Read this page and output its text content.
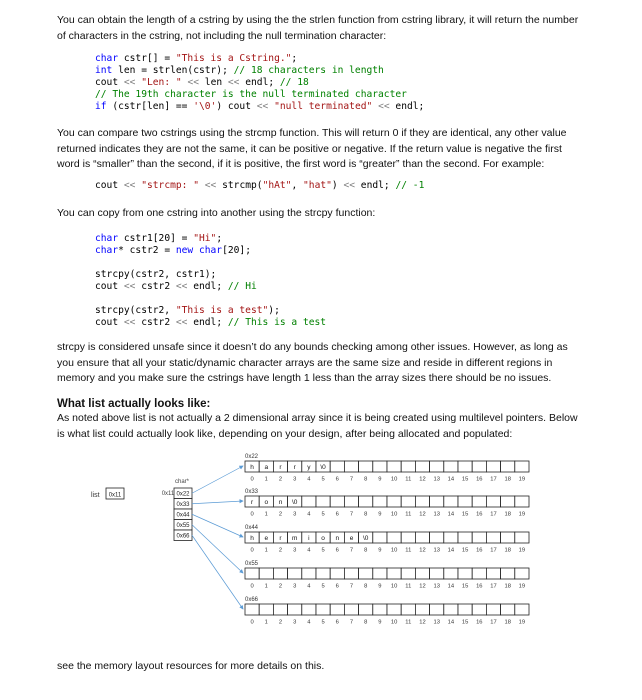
You can obtain the length of a cstring by using the the strlen function from cstring library, it will return the number of characters in the cstring, not including the null termination character:

char cstr[] = "This is a Cstring.";
int len = strlen(cstr); // 18 characters in length
cout << "Len: " << len << endl; // 18
// The 19th character is the null terminated character
if (cstr[len] == '\0') cout << "null terminated" << endl;

You can compare two cstrings using the strcmp function. This will return 0 if they are identical, any other value returned indicates they are not the same, it can be positive or negative. If the return value is negative the first word is “smaller” than the second, if it is positive, the first word is “greater” than the second. For example:

cout << "strcmp: " << strcmp("hAt", "hat") << endl; // -1

You can copy from one cstring into another using the strcpy function:

char cstr1[20] = "Hi";
char* cstr2 = new char[20];

strcpy(cstr2, cstr1);
cout << cstr2 << endl; // Hi

strcpy(cstr2, "This is a test");
cout << cstr2 << endl; // This is a test

strcpy is considered unsafe since it doesn’t do any bounds checking among other issues. However, as long as you ensure that all your static/dynamic character arrays are the same size and reside in different regions in memory and you make sure the cstrings have length 1 less than the array sizes there should be no issues.

What list actually looks like:

As noted above list is not actually a 2 dimensional array since it is being created using multilevel pointers. Below is what list could actually look like, depending on your design, after being allocated and populated:

list 0x11
char*
0x11 0x22
0x33
0x44
0x55
0x66
0x22
h
0
a
1
r
2
r
3
y
4
\0
5 6 7 8 9 10 11 12 13 14 15 16 17 18 19
0x33
r
0
o
1
n
2
\0
3 4 5 6 7 8 9 10 11 12 13 14 15 16 17 18 19
0x44
h
0
e
1
r
2
m
3
i
4
o
5
n
6
e
7
\0
8 9 10 11 12 13 14 15 16 17 18 19
0x55
0 1 2 3 4 5 6 7 8 9 10 11 12 13 14 15 16 17 18 19
0x66
0 1 2 3 4 5 6 7 8 9 10 11 12 13 14 15 16 17 18 19

see the memory layout resources for more details on this.
